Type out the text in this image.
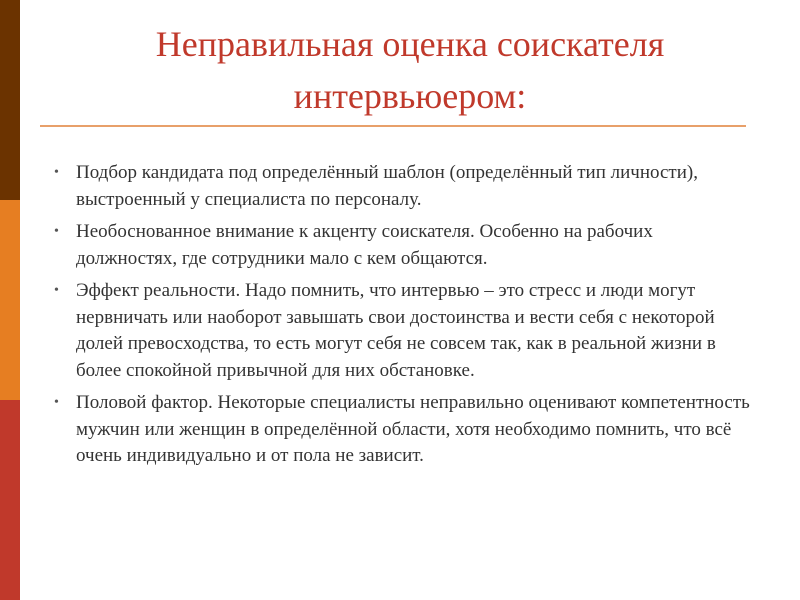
Неправильная оценка соискателя интервьюером:
• Подбор кандидата под определённый шаблон (определённый тип личности), выстроенный у специалиста по персоналу.
• Необоснованное внимание к акценту соискателя. Особенно на рабочих должностях, где сотрудники мало с кем общаются.
• Эффект реальности. Надо помнить, что интервью – это стресс и люди могут нервничать или наоборот завышать свои достоинства и вести себя с некоторой долей превосходства, то есть могут себя не совсем так, как в реальной жизни в более спокойной привычной для них обстановке.
• Половой фактор. Некоторые специалисты неправильно оценивают компетентность мужчин или женщин в определённой области, хотя необходимо помнить, что всё очень индивидуально и от пола не зависит.
